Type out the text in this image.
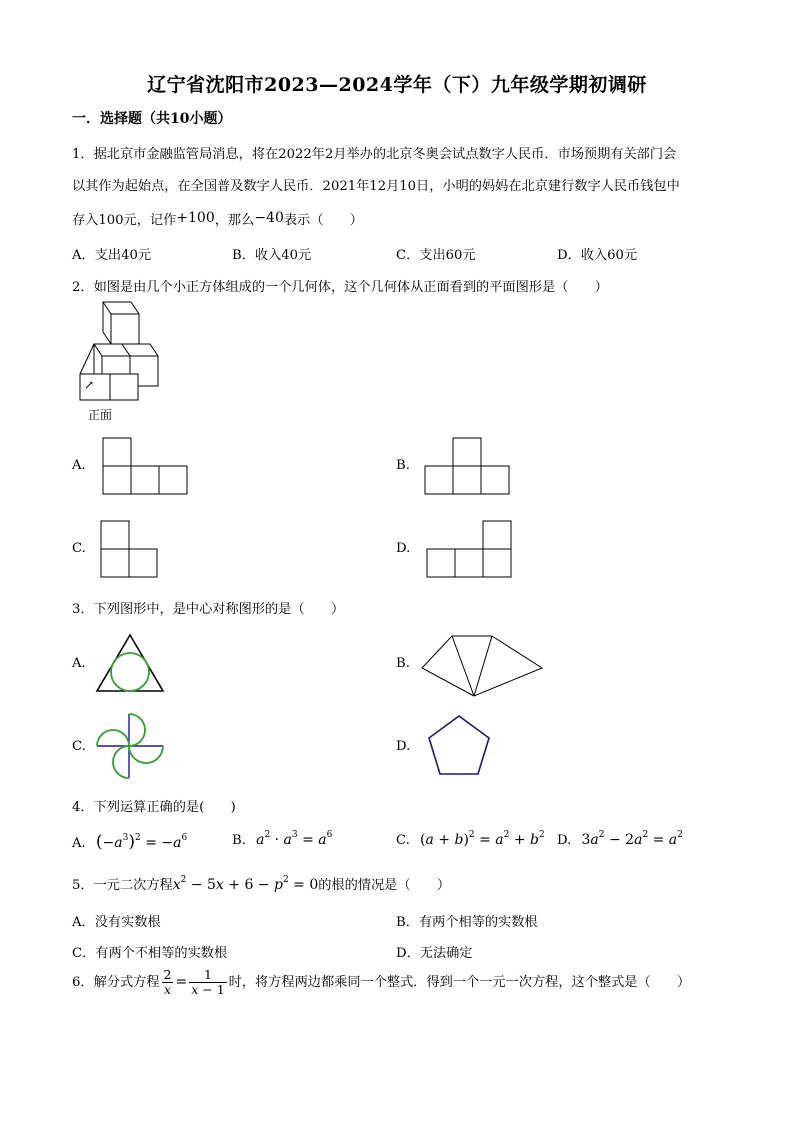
辽宁省沈阳市2023—2024学年（下）九年级学期初调研
一．选择题（共10小题）
1．据北京市金融监管局消息，将在2022年2月举办的北京冬奥会试点数字人民币．市场预期有关部门会
以其作为起始点，在全国普及数字人民币．2021年12月10日，小明的妈妈在北京建行数字人民币钱包中
存入100元，记作+100，那么−40表示（　　）
A．支出40元	B．收入40元	C．支出60元	D．收入60元
2．如图是由几个小正方体组成的一个几何体，这个几何体从正面看到的平面图形是（　　）
↗
正面
A.	B.
C.	D.
3．下列图形中，是中心对称图形的是（　　）
A.	B.
C.	D.
4．下列运算正确的是(　　)
A. $(-a^3)^2 = -a^6$	B. $a^2 \cdot a^3 = a^6$	C. $(a + b)^2 = a^2 + b^2$ D. $3a^2 - 2a^2 = a^2$
5．一元二次方程$x^2 - 5x + 6 - p^2 = 0$的根的情况是（　　）
A．没有实数根	B．有两个相等的实数根
C．有两个不相等的实数根	D．无法确定
6．解分式方程 $\frac{2}{x} = \frac{1}{x - 1}$ 时，将方程两边都乘同一个整式．得到一个一元一次方程，这个整式是（　　）
